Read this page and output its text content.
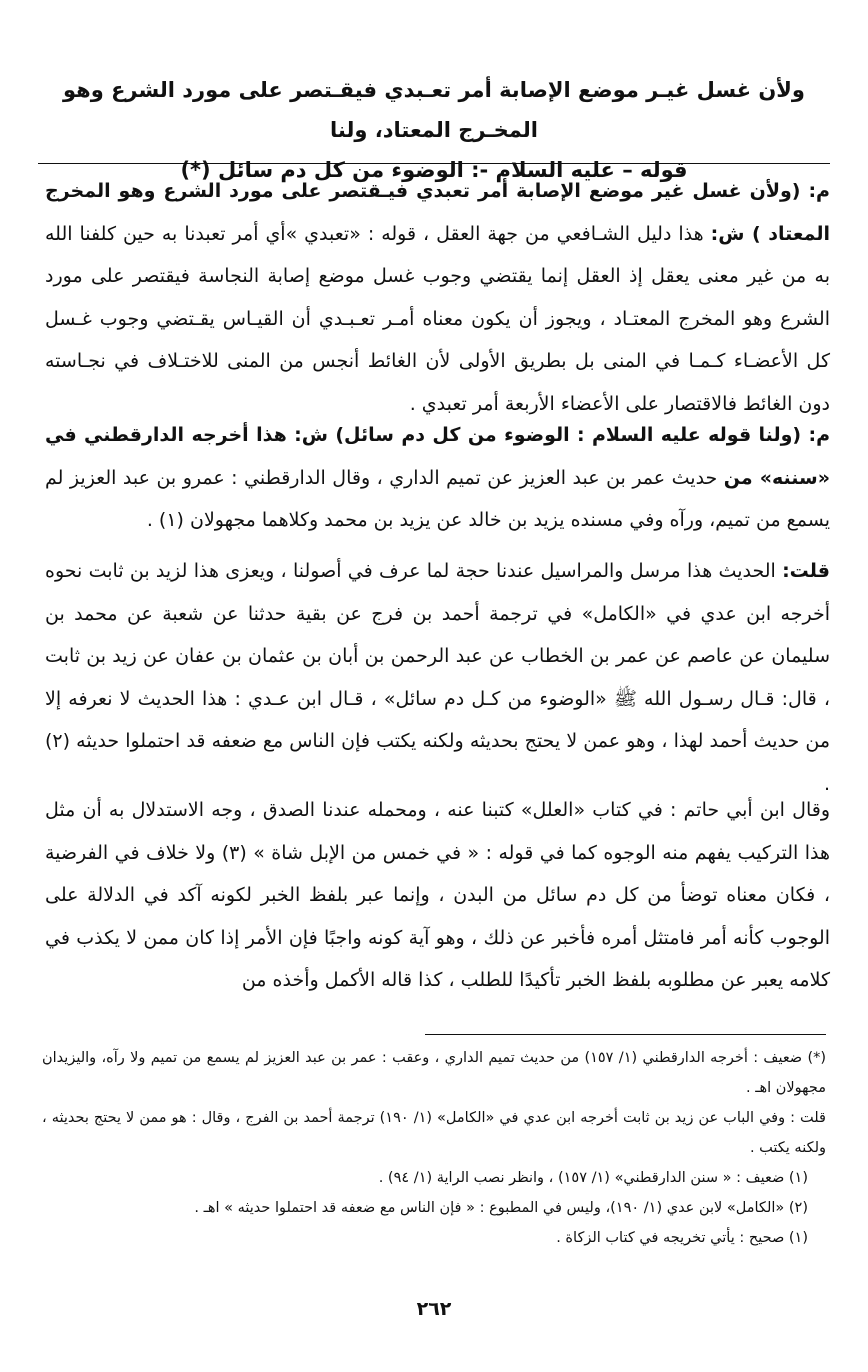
ولأن غسل غيـر موضع الإصابة أمر تعـبدي فيقـتصر على مورد الشرع وهو المخـرج المعتاد، ولنا
قوله – عليه السلام -: الوضوء من كل دم سائل (*)
م: (ولأن غسل غير موضع الإصابة أمر تعبدي فيـقتصر على مورد الشرع وهو المخرج المعتاد ) ش: هذا دليل الشـافعي من جهة العقل ، قوله : «تعبدي »أي أمر تعبدنا به حين كلفنا الله به من غير معنى يعقل إذ العقل إنما يقتضي وجوب غسل موضع إصابة النجاسة فيقتصر على مورد الشرع وهو المخرج المعتـاد ، ويجوز أن يكون معناه أمـر تعـبـدي أن القيـاس يقـتضي وجوب غـسل كل الأعضـاء كـمـا في المنى بل بطريق الأولى لأن الغائط أنجس من المنى للاختـلاف في نجـاسته دون الغائط فالاقتصار على الأعضاء الأربعة أمر تعبدي .
م: (ولنا قوله عليه السلام : الوضوء من كل دم سائل) ش: هذا أخرجه الدارقطني في «سننه» من حديث عمر بن عبد العزيز عن تميم الداري ، وقال الدارقطني : عمرو بن عبد العزيز لم يسمع من تميم، ورآه وفي مسنده يزيد بن خالد عن يزيد بن محمد وكلاهما مجهولان (١) .
قلت: الحديث هذا مرسل والمراسيل عندنا حجة لما عرف في أصولنا ، ويعزى هذا لزيد بن ثابت نحوه أخرجه ابن عدي في «الكامل» في ترجمة أحمد بن فرج عن بقية حدثنا عن شعبة عن محمد بن سليمان عن عاصم عن عمر بن الخطاب عن عبد الرحمن بن أبان بن عثمان بن عفان عن زيد بن ثابت ، قال: قـال رسـول الله ﷺ «الوضوء من كـل دم سائل» ، قـال ابن عـدي : هذا الحديث لا نعرفه إلا من حديث أحمد لهذا ، وهو عمن لا يحتج بحديثه ولكنه يكتب فإن الناس مع ضعفه قد احتملوا حديثه (٢) .
وقال ابن أبي حاتم : في كتاب «العلل» كتبنا عنه ، ومحمله عندنا الصدق ، وجه الاستدلال به أن مثل هذا التركيب يفهم منه الوجوه كما في قوله : « في خمس من الإبل شاة » (٣) ولا خلاف في الفرضية ، فكان معناه توضأ من كل دم سائل من البدن ، وإنما عبر بلفظ الخبر لكونه آكد في الدلالة على الوجوب كأنه أمر فامتثل أمره فأخبر عن ذلك ، وهو آية كونه واجبًا فإن الأمر إذا كان ممن لا يكذب في كلامه يعبر عن مطلوبه بلفظ الخبر تأكيدًا للطلب ، كذا قاله الأكمل وأخذه من

(*) ضعيف : أخرجه الدارقطني (١/ ١٥٧) من حديث تميم الداري ، وعقب : عمر بن عبد العزيز لم يسمع من تميم ولا رآه، واليزيدان مجهولان اهـ .

قلت : وفي الباب عن زيد بن ثابت أخرجه ابن عدي في «الكامل» (١/ ١٩٠) ترجمة أحمد بن الفرج ، وقال : هو ممن لا يحتج بحديثه ، ولكنه يكتب .

(١) ضعيف : « سنن الدارقطني» (١/ ١٥٧) ، وانظر نصب الراية (١/ ٩٤) .

(٢) «الكامل» لابن عدي (١/ ١٩٠)، وليس في المطبوع : « فإن الناس مع ضعفه قد احتملوا حديثه » اهـ .

(١) صحيح : يأتي تخريجه في كتاب الزكاة .

٢٦٢
